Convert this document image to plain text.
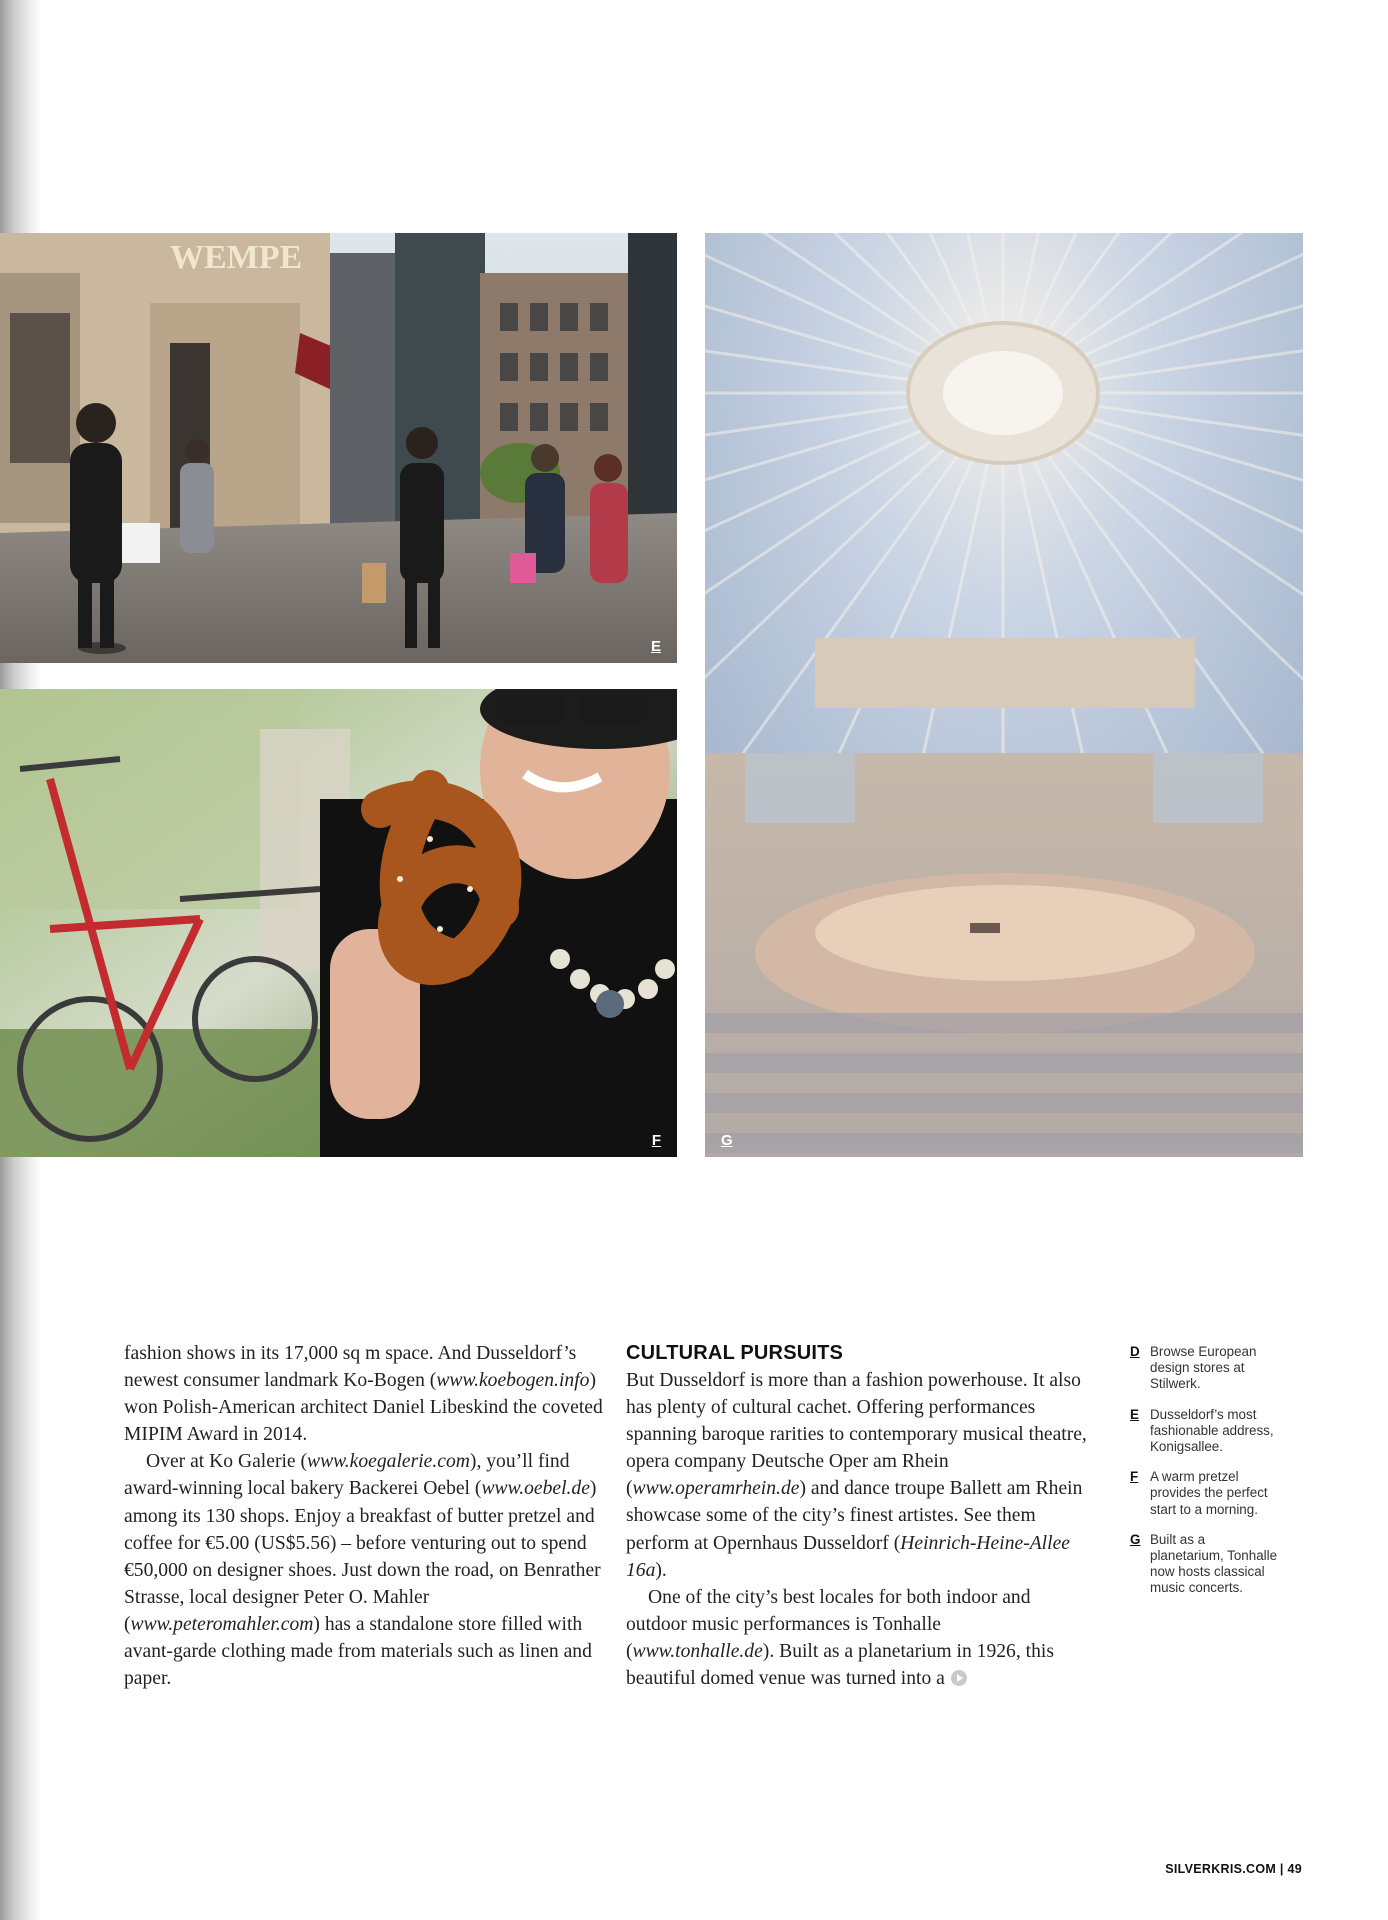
WEMPE
E
F	G

fashion shows in its 17,000 sq m space. And Dusseldorf’s newest consumer landmark Ko-Bogen (www.koebogen.info) won Polish-American architect Daniel Libeskind the coveted MIPIM Award in 2014.

Over at Ko Galerie (www.koegalerie.com), you’ll find award-winning local bakery Backerei Oebel (www.oebel.de) among its 130 shops. Enjoy a breakfast of butter pretzel and coffee for €5.00 (US$5.56) – before venturing out to spend €50,000 on designer shoes. Just down the road, on Benrather Strasse, local designer Peter O. Mahler (www.peteromahler.com) has a standalone store filled with avant-garde clothing made from materials such as linen and paper.

CULTURAL PURSUITS

But Dusseldorf is more than a fashion powerhouse. It also has plenty of cultural cachet. Offering performances spanning baroque rarities to contemporary musical theatre, opera company Deutsche Oper am Rhein (www.operamrhein.de) and dance troupe Ballett am Rhein showcase some of the city’s finest artistes. See them perform at Opernhaus Dusseldorf (Heinrich-Heine-Allee 16a).

One of the city’s best locales for both indoor and outdoor music performances is Tonhalle (www.tonhalle.de). Built as a planetarium in 1926, this beautiful domed venue was turned into a

D Browse European design stores at Stilwerk.
E Dusseldorf’s most fashionable address, Konigsallee.
F A warm pretzel provides the perfect start to a morning.
G Built as a planetarium, Tonhalle now hosts classical music concerts.
SILVERKRIS.COM | 49
